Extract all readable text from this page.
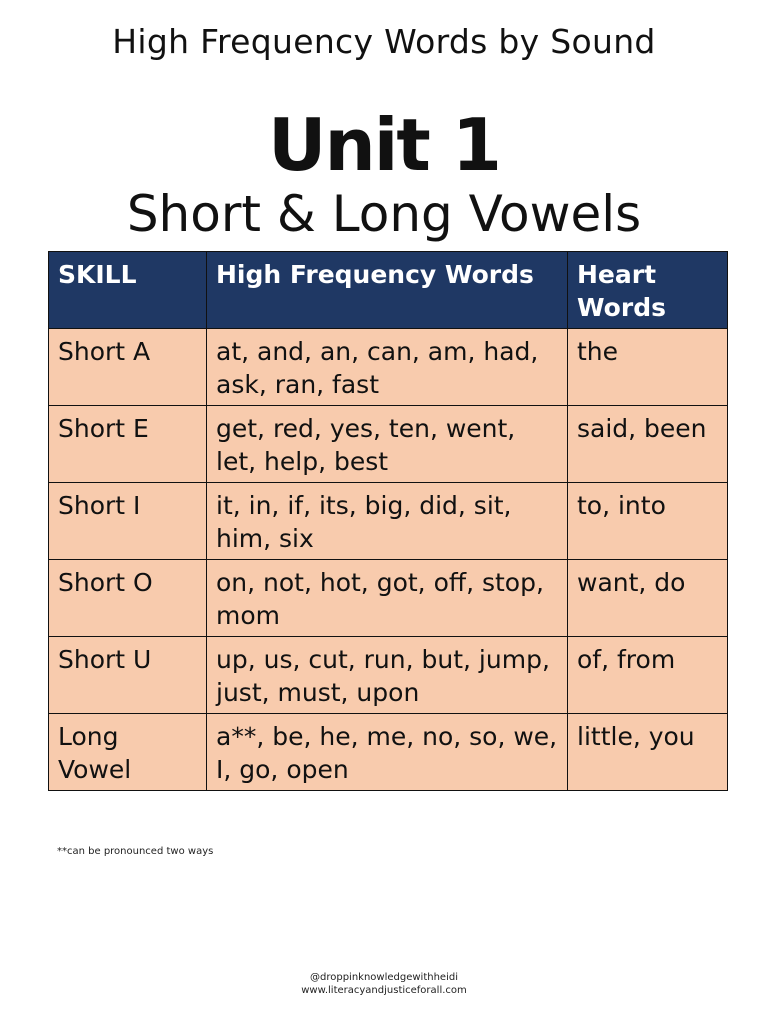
High Frequency Words by Sound
Unit 1
Short & Long Vowels
SKILL	High Frequency Words	Heart Words
Short A	at, and, an, can, am, had, ask, ran, fast	the
Short E	get, red, yes, ten, went, let, help, best	said, been
Short I	it, in, if, its, big, did, sit, him, six	to, into
Short O	on, not, hot, got, off, stop, mom	want, do
Short U	up, us, cut, run, but, jump, just, must, upon	of, from
Long Vowel	a**, be, he, me, no, so, we, I, go, open	little, you
**can be pronounced two ways
@droppinknowledgewithheidi
www.literacyandjusticeforall.com
